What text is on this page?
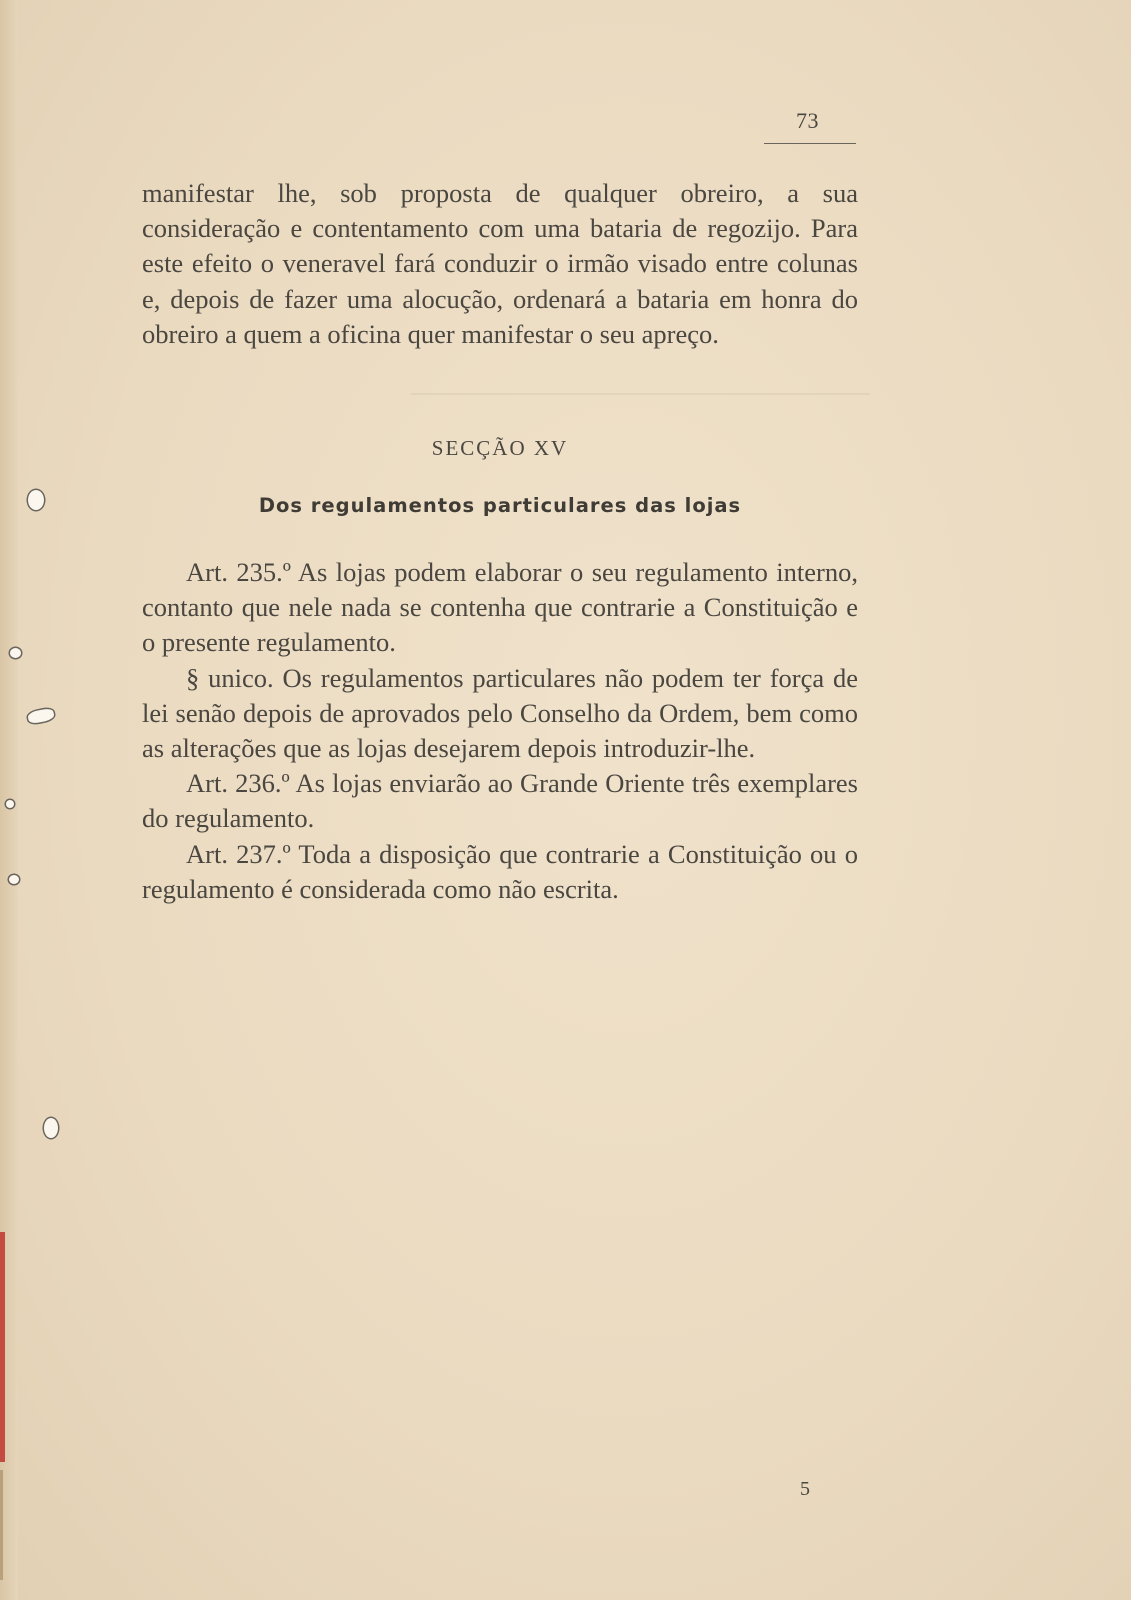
────────────────────────
73

manifestar lhe, sob proposta de qualquer obreiro, a sua consideração e contentamento com uma bataria de regozijo. Para este efeito o veneravel fará conduzir o irmão visado entre colunas e, depois de fazer uma alocução, ordenará a bataria em honra do obreiro a quem a oficina quer manifestar o seu apreço.

SECÇÃO XV
Dos regulamentos particulares das lojas

Art. 235.º As lojas podem elaborar o seu regulamento interno, contanto que nele nada se contenha que contrarie a Constituição e o presente regulamento.

§ unico. Os regulamentos particulares não podem ter força de lei senão depois de aprovados pelo Conselho da Ordem, bem como as alterações que as lojas desejarem depois introduzir-lhe.

Art. 236.º As lojas enviarão ao Grande Oriente três exemplares do regulamento.

Art. 237.º Toda a disposição que contrarie a Constituição ou o regulamento é considerada como não escrita.

5
